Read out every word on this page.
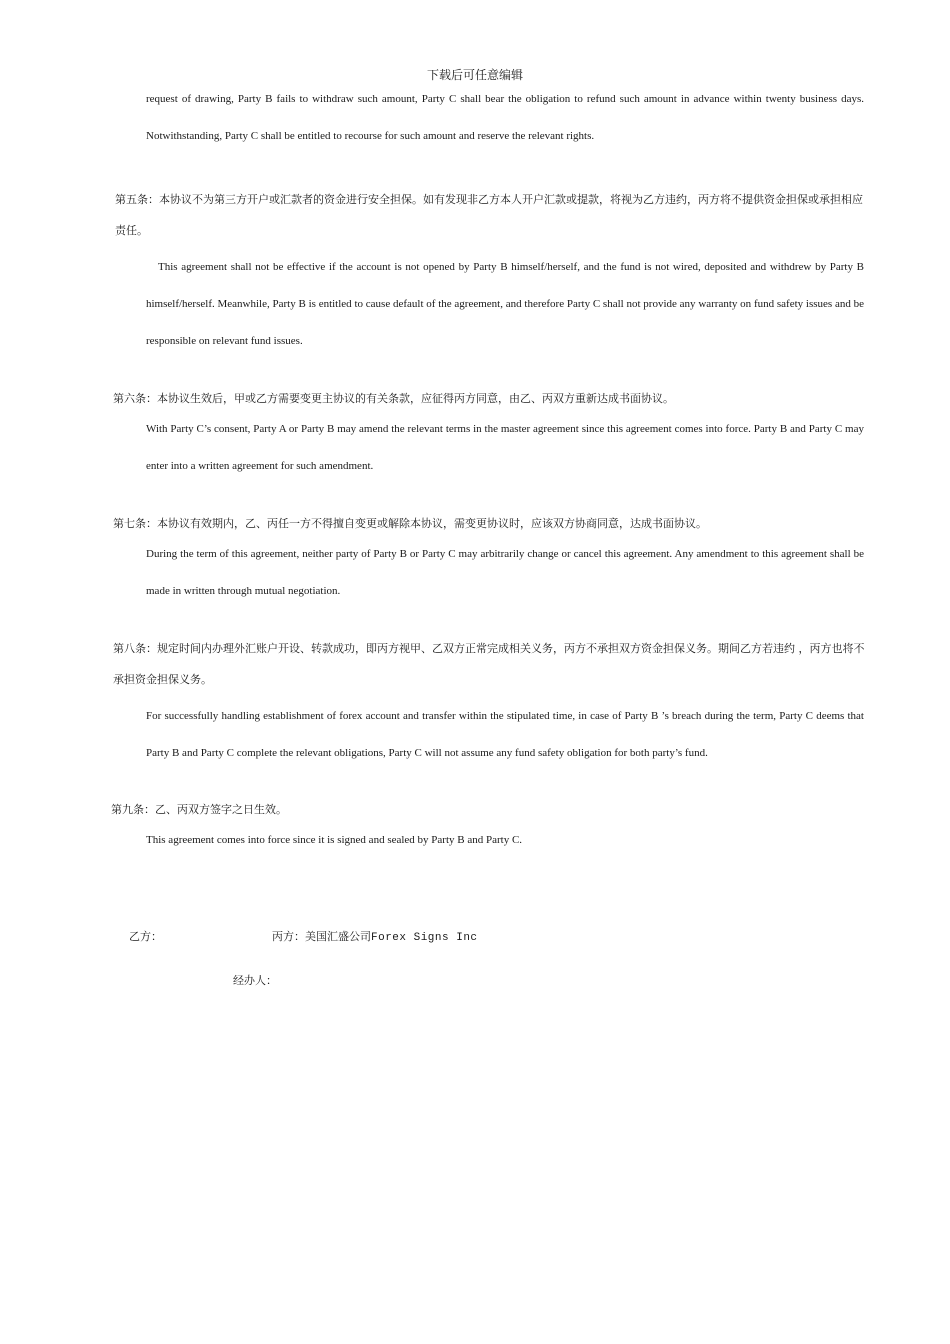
下载后可任意编辑

request of drawing, Party B fails to withdraw such amount, Party C shall bear the obligation to refund such amount in advance within twenty business days. Notwithstanding, Party C shall be entitled to recourse for such amount and reserve the relevant rights.

第五条：本协议不为第三方开户或汇款者的资金进行安全担保。如有发现非乙方本人开户汇款或提款，将视为乙方违约，丙方将不提供资金担保或承担相应责任。

This agreement shall not be effective if the account is not opened by Party B himself/herself, and the fund is not wired, deposited and withdrew by Party B himself/herself. Meanwhile, Party B is entitled to cause default of the agreement, and therefore Party C shall not provide any warranty on fund safety issues and be responsible on relevant fund issues.

第六条：本协议生效后，甲或乙方需要变更主协议的有关条款，应征得丙方同意，由乙、丙双方重新达成书面协议。

With Party C’s consent, Party A or Party B may amend the relevant terms in the master agreement since this agreement comes into force. Party B and Party C may enter into a written agreement for such amendment.

第七条：本协议有效期内，乙、丙任一方不得擅自变更或解除本协议，需变更协议时，应该双方协商同意，达成书面协议。

During the term of this agreement, neither party of Party B or Party C may arbitrarily change or cancel this agreement. Any amendment to this agreement shall be made in written through mutual negotiation.

第八条：规定时间内办理外汇账户开设、转款成功，即丙方视甲、乙双方正常完成相关义务，丙方不承担双方资金担保义务。期间乙方若违约 ，丙方也将不承担资金担保义务。

For successfully handling establishment of forex account and transfer within the stipulated time, in case of Party B ’s breach during the term, Party C deems that Party B and Party C complete the relevant obligations, Party C will not assume any fund safety obligation for both party’s fund.

第九条：乙、丙双方签字之日生效。

This agreement comes into force since it is signed and sealed by Party B and Party C.

乙方：	丙方：美国汇盛公司Forex Signs Inc
经办人：
